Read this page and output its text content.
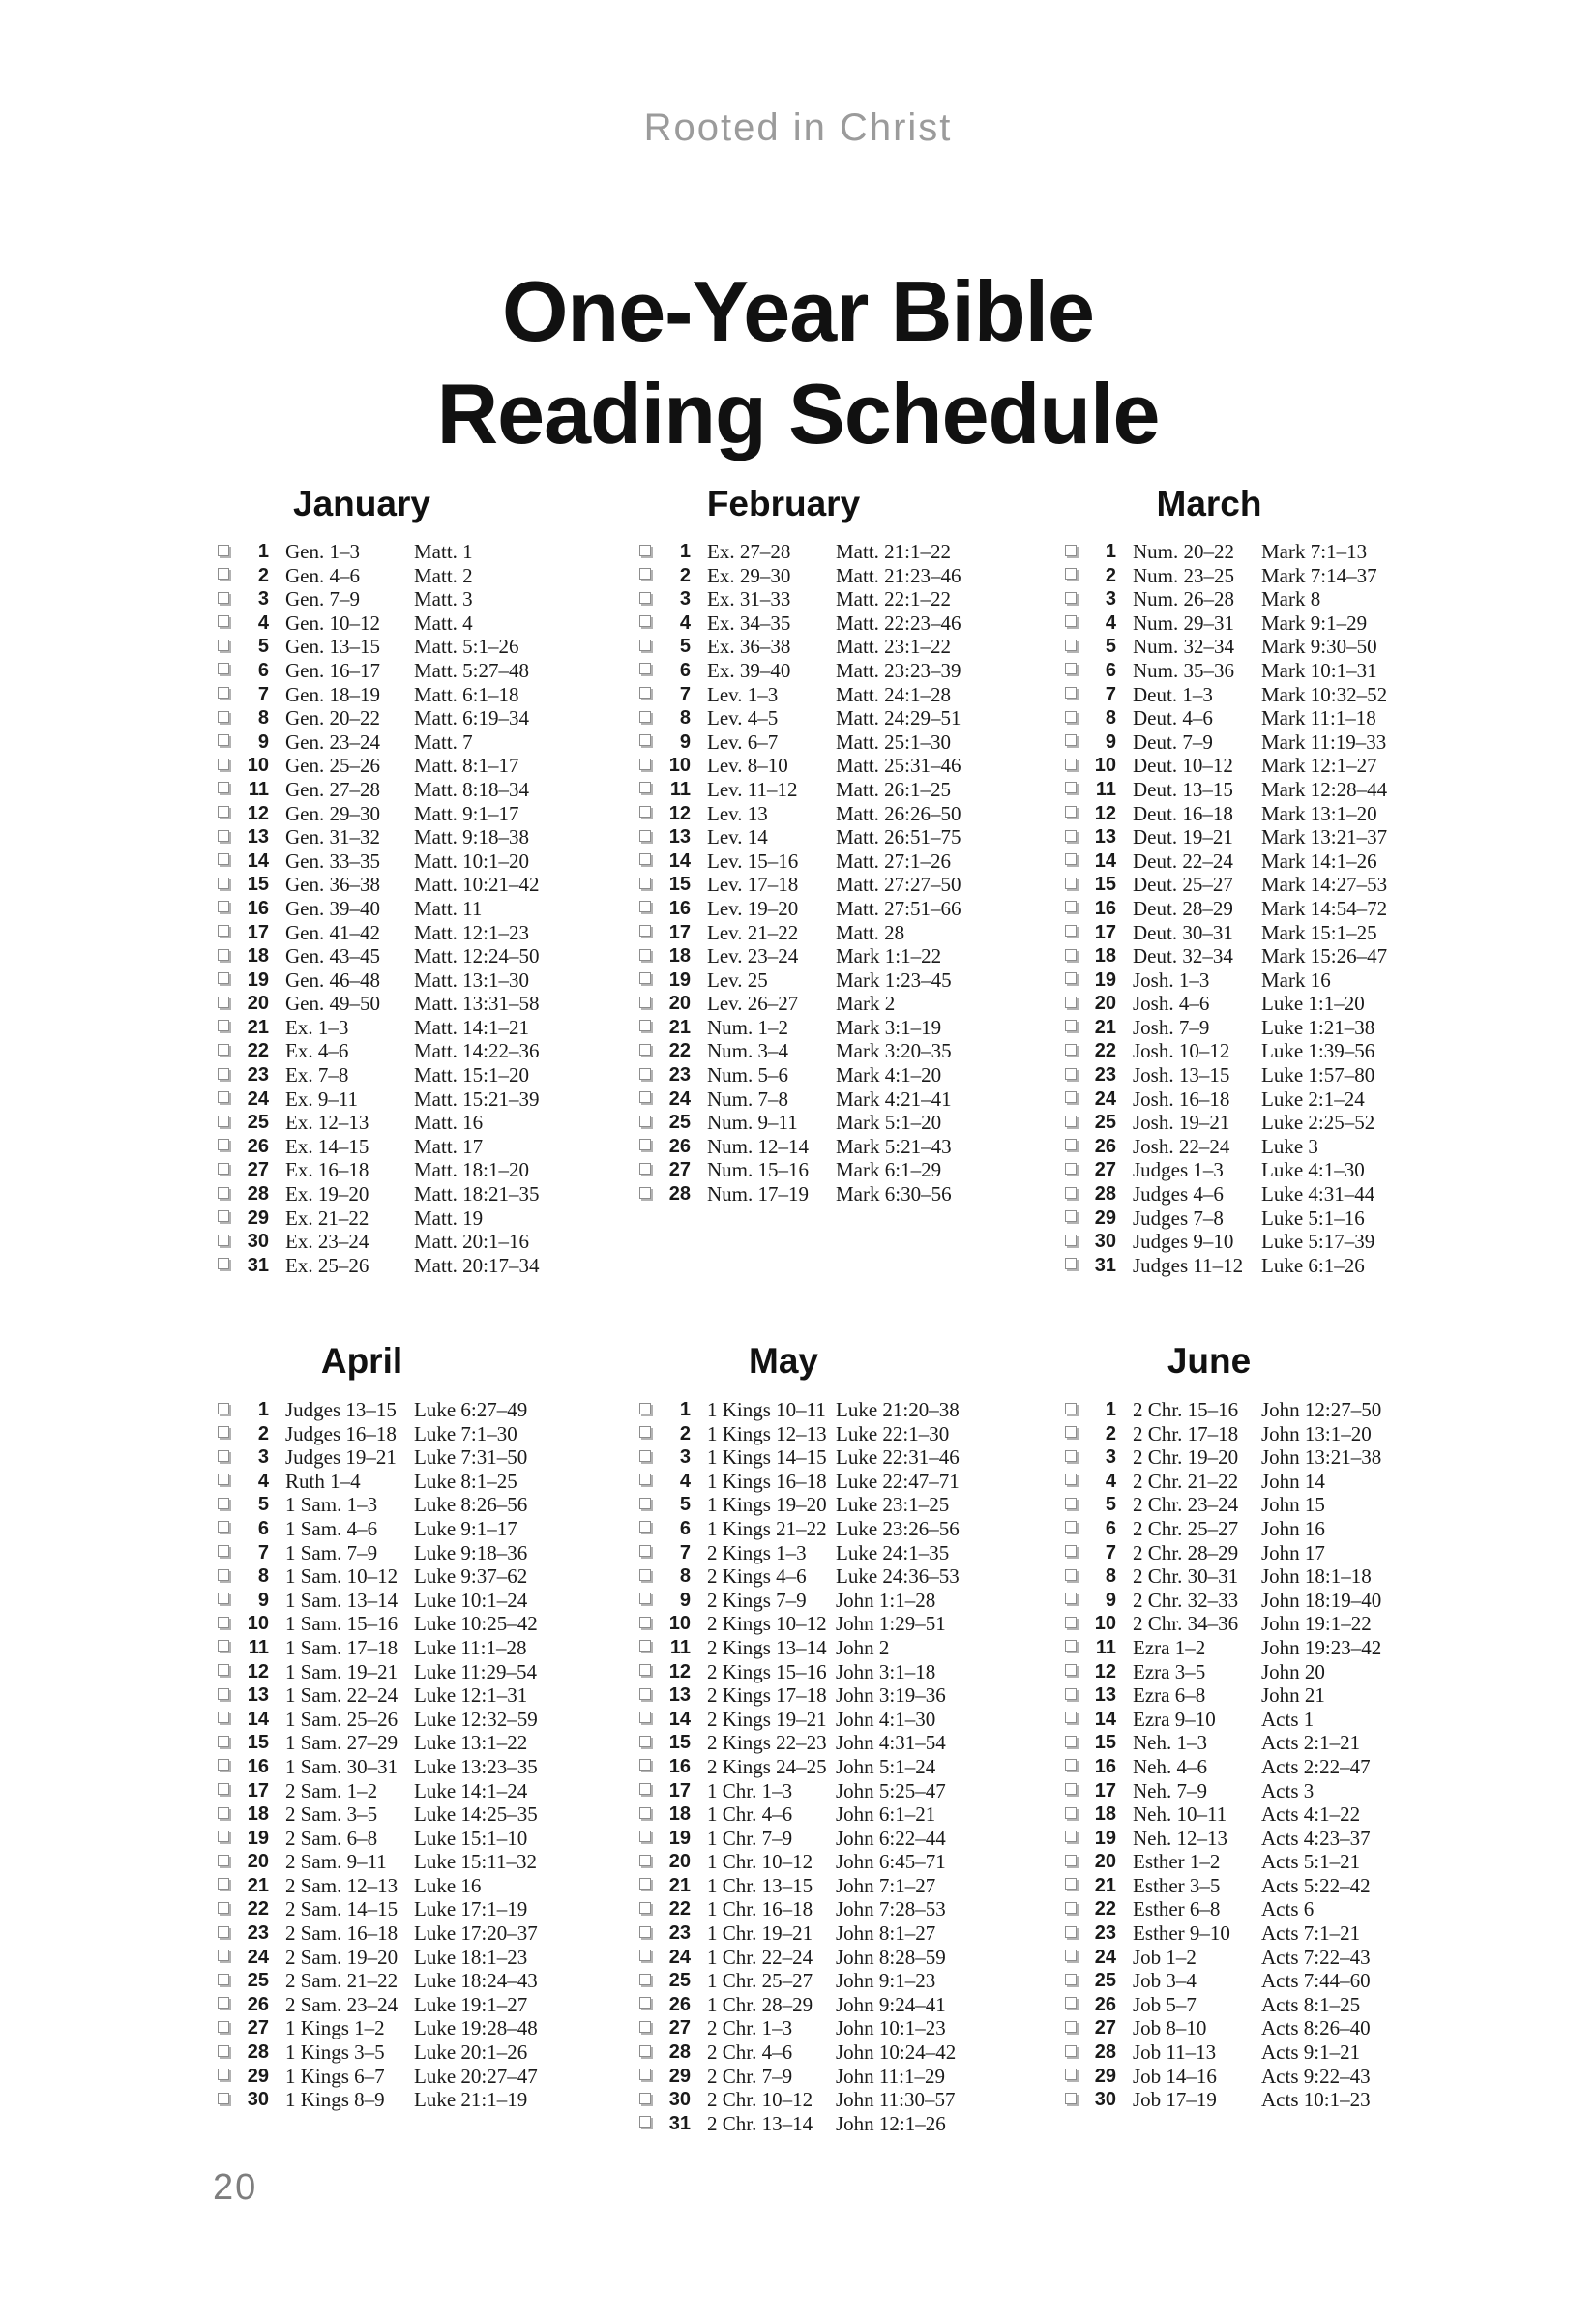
Rooted in Christ
One-Year Bible
Reading Schedule
20
January
1 Gen. 1–3	Matt. 1
2 Gen. 4–6	Matt. 2
3 Gen. 7–9	Matt. 3
4 Gen. 10–12 Matt. 4
5 Gen. 13–15 Matt. 5:1–26
6 Gen. 16–17 Matt. 5:27–48
7 Gen. 18–19 Matt. 6:1–18
8 Gen. 20–22 Matt. 6:19–34
9 Gen. 23–24 Matt. 7
10 Gen. 25–26 Matt. 8:1–17
11 Gen. 27–28 Matt. 8:18–34
12 Gen. 29–30 Matt. 9:1–17
13 Gen. 31–32 Matt. 9:18–38
14 Gen. 33–35 Matt. 10:1–20
15 Gen. 36–38 Matt. 10:21–42
16 Gen. 39–40 Matt. 11
17 Gen. 41–42 Matt. 12:1–23
18 Gen. 43–45 Matt. 12:24–50
19 Gen. 46–48 Matt. 13:1–30
20 Gen. 49–50 Matt. 13:31–58
21 Ex. 1–3	Matt. 14:1–21
22 Ex. 4–6	Matt. 14:22–36
23 Ex. 7–8	Matt. 15:1–20
24 Ex. 9–11	Matt. 15:21–39
25 Ex. 12–13 Matt. 16
26 Ex. 14–15 Matt. 17
27 Ex. 16–18 Matt. 18:1–20
28 Ex. 19–20 Matt. 18:21–35
29 Ex. 21–22 Matt. 19
30 Ex. 23–24 Matt. 20:1–16
31 Ex. 25–26 Matt. 20:17–34
February
1 Ex. 27–28 Matt. 21:1–22
2 Ex. 29–30 Matt. 21:23–46
3 Ex. 31–33 Matt. 22:1–22
4 Ex. 34–35 Matt. 22:23–46
5 Ex. 36–38 Matt. 23:1–22
6 Ex. 39–40 Matt. 23:23–39
7 Lev. 1–3	Matt. 24:1–28
8 Lev. 4–5	Matt. 24:29–51
9 Lev. 6–7	Matt. 25:1–30
10 Lev. 8–10 Matt. 25:31–46
11 Lev. 11–12 Matt. 26:1–25
12 Lev. 13	Matt. 26:26–50
13 Lev. 14	Matt. 26:51–75
14 Lev. 15–16 Matt. 27:1–26
15 Lev. 17–18 Matt. 27:27–50
16 Lev. 19–20 Matt. 27:51–66
17 Lev. 21–22 Matt. 28
18 Lev. 23–24 Mark 1:1–22
19 Lev. 25	Mark 1:23–45
20 Lev. 26–27 Mark 2
21 Num. 1–2 Mark 3:1–19
22 Num. 3–4 Mark 3:20–35
23 Num. 5–6 Mark 4:1–20
24 Num. 7–8 Mark 4:21–41
25 Num. 9–11 Mark 5:1–20
26 Num. 12–14 Mark 5:21–43
27 Num. 15–16 Mark 6:1–29
28 Num. 17–19 Mark 6:30–56
March
1 Num. 20–22 Mark 7:1–13
2 Num. 23–25 Mark 7:14–37
3 Num. 26–28 Mark 8
4 Num. 29–31 Mark 9:1–29
5 Num. 32–34 Mark 9:30–50
6 Num. 35–36 Mark 10:1–31
7 Deut. 1–3 Mark 10:32–52
8 Deut. 4–6 Mark 11:1–18
9 Deut. 7–9 Mark 11:19–33
10 Deut. 10–12 Mark 12:1–27
11 Deut. 13–15 Mark 12:28–44
12 Deut. 16–18 Mark 13:1–20
13 Deut. 19–21 Mark 13:21–37
14 Deut. 22–24 Mark 14:1–26
15 Deut. 25–27 Mark 14:27–53
16 Deut. 28–29 Mark 14:54–72
17 Deut. 30–31 Mark 15:1–25
18 Deut. 32–34 Mark 15:26–47
19 Josh. 1–3	Mark 16
20 Josh. 4–6	Luke 1:1–20
21 Josh. 7–9	Luke 1:21–38
22 Josh. 10–12 Luke 1:39–56
23 Josh. 13–15 Luke 1:57–80
24 Josh. 16–18 Luke 2:1–24
25 Josh. 19–21 Luke 2:25–52
26 Josh. 22–24 Luke 3
27 Judges 1–3 Luke 4:1–30
28 Judges 4–6 Luke 4:31–44
29 Judges 7–8 Luke 5:1–16
30 Judges 9–10 Luke 5:17–39
31 Judges 11–12 Luke 6:1–26
April
1 Judges 13–15 Luke 6:27–49
2 Judges 16–18 Luke 7:1–30
3 Judges 19–21 Luke 7:31–50
4 Ruth 1–4	Luke 8:1–25
5 1 Sam. 1–3 Luke 8:26–56
6 1 Sam. 4–6 Luke 9:1–17
7 1 Sam. 7–9 Luke 9:18–36
8 1 Sam. 10–12 Luke 9:37–62
9 1 Sam. 13–14 Luke 10:1–24
10 1 Sam. 15–16 Luke 10:25–42
11 1 Sam. 17–18 Luke 11:1–28
12 1 Sam. 19–21 Luke 11:29–54
13 1 Sam. 22–24 Luke 12:1–31
14 1 Sam. 25–26 Luke 12:32–59
15 1 Sam. 27–29 Luke 13:1–22
16 1 Sam. 30–31 Luke 13:23–35
17 2 Sam. 1–2 Luke 14:1–24
18 2 Sam. 3–5 Luke 14:25–35
19 2 Sam. 6–8 Luke 15:1–10
20 2 Sam. 9–11 Luke 15:11–32
21 2 Sam. 12–13 Luke 16
22 2 Sam. 14–15 Luke 17:1–19
23 2 Sam. 16–18 Luke 17:20–37
24 2 Sam. 19–20 Luke 18:1–23
25 2 Sam. 21–22 Luke 18:24–43
26 2 Sam. 23–24 Luke 19:1–27
27 1 Kings 1–2 Luke 19:28–48
28 1 Kings 3–5 Luke 20:1–26
29 1 Kings 6–7 Luke 20:27–47
30 1 Kings 8–9 Luke 21:1–19
May
1 1 Kings 10–11 Luke 21:20–38
2 1 Kings 12–13 Luke 22:1–30
3 1 Kings 14–15 Luke 22:31–46
4 1 Kings 16–18 Luke 22:47–71
5 1 Kings 19–20 Luke 23:1–25
6 1 Kings 21–22 Luke 23:26–56
7 2 Kings 1–3 Luke 24:1–35
8 2 Kings 4–6 Luke 24:36–53
9 2 Kings 7–9 John 1:1–28
10 2 Kings 10–12 John 1:29–51
11 2 Kings 13–14 John 2
12 2 Kings 15–16 John 3:1–18
13 2 Kings 17–18 John 3:19–36
14 2 Kings 19–21 John 4:1–30
15 2 Kings 22–23 John 4:31–54
16 2 Kings 24–25 John 5:1–24
17 1 Chr. 1–3 John 5:25–47
18 1 Chr. 4–6 John 6:1–21
19 1 Chr. 7–9 John 6:22–44
20 1 Chr. 10–12 John 6:45–71
21 1 Chr. 13–15 John 7:1–27
22 1 Chr. 16–18 John 7:28–53
23 1 Chr. 19–21 John 8:1–27
24 1 Chr. 22–24 John 8:28–59
25 1 Chr. 25–27 John 9:1–23
26 1 Chr. 28–29 John 9:24–41
27 2 Chr. 1–3 John 10:1–23
28 2 Chr. 4–6 John 10:24–42
29 2 Chr. 7–9 John 11:1–29
30 2 Chr. 10–12 John 11:30–57
31 2 Chr. 13–14 John 12:1–26
June
1 2 Chr. 15–16 John 12:27–50
2 2 Chr. 17–18 John 13:1–20
3 2 Chr. 19–20 John 13:21–38
4 2 Chr. 21–22 John 14
5 2 Chr. 23–24 John 15
6 2 Chr. 25–27 John 16
7 2 Chr. 28–29 John 17
8 2 Chr. 30–31 John 18:1–18
9 2 Chr. 32–33 John 18:19–40
10 2 Chr. 34–36 John 19:1–22
11 Ezra 1–2	John 19:23–42
12 Ezra 3–5	John 20
13 Ezra 6–8	John 21
14 Ezra 9–10 Acts 1
15 Neh. 1–3	Acts 2:1–21
16 Neh. 4–6	Acts 2:22–47
17 Neh. 7–9	Acts 3
18 Neh. 10–11 Acts 4:1–22
19 Neh. 12–13 Acts 4:23–37
20 Esther 1–2 Acts 5:1–21
21 Esther 3–5 Acts 5:22–42
22 Esther 6–8 Acts 6
23 Esther 9–10 Acts 7:1–21
24 Job 1–2	Acts 7:22–43
25 Job 3–4	Acts 7:44–60
26 Job 5–7	Acts 8:1–25
27 Job 8–10	Acts 8:26–40
28 Job 11–13 Acts 9:1–21
29 Job 14–16 Acts 9:22–43
30 Job 17–19 Acts 10:1–23
